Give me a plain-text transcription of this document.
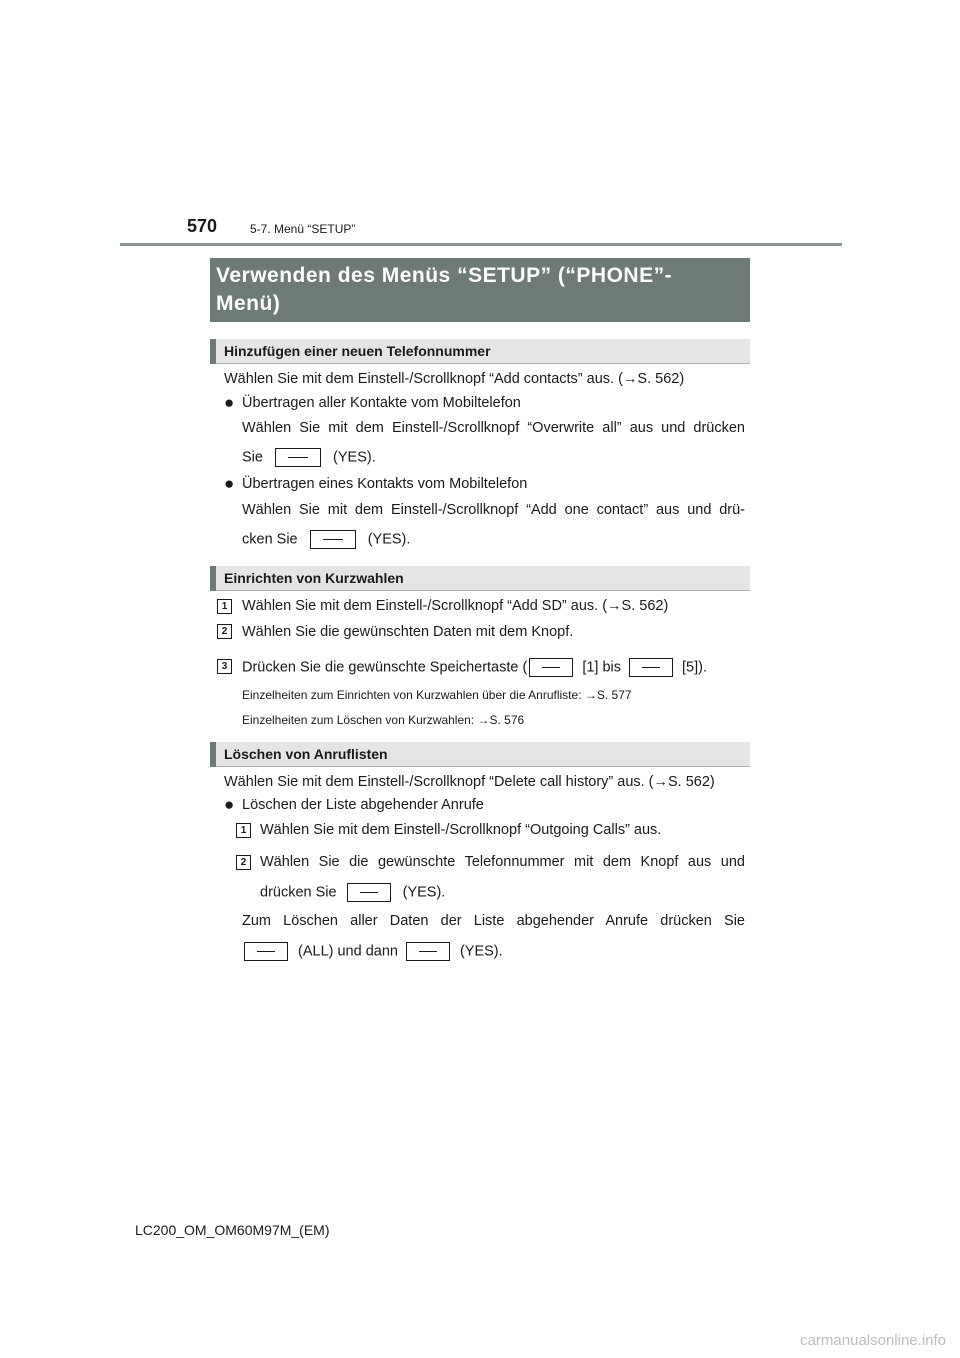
570	5-7. Menü “SETUP”
Verwenden des Menüs “SETUP” (“PHONE”-Menü)
Hinzufügen einer neuen Telefonnummer
Wählen Sie mit dem Einstell-/Scrollknopf “Add contacts” aus. (→S. 562)
● Übertragen aller Kontakte vom Mobiltelefon
Wählen Sie mit dem Einstell-/Scrollknopf “Overwrite all” aus und drücken
Sie	(YES).
● Übertragen eines Kontakts vom Mobiltelefon
Wählen Sie mit dem Einstell-/Scrollknopf “Add one contact” aus und drü-
cken Sie	(YES).
Einrichten von Kurzwahlen
1	Wählen Sie mit dem Einstell-/Scrollknopf “Add SD” aus. (→S. 562)
2	Wählen Sie die gewünschten Daten mit dem Knopf.
3	Drücken Sie die gewünschte Speichertaste (	[1] bis	[5]).
Einzelheiten zum Einrichten von Kurzwahlen über die Anrufliste: →S. 577
Einzelheiten zum Löschen von Kurzwahlen: →S. 576
Löschen von Anruflisten
Wählen Sie mit dem Einstell-/Scrollknopf “Delete call history” aus. (→S. 562)
● Löschen der Liste abgehender Anrufe
1 Wählen Sie mit dem Einstell-/Scrollknopf “Outgoing Calls” aus.
2 Wählen Sie die gewünschte Telefonnummer mit dem Knopf aus und
drücken Sie	(YES).
Zum Löschen aller Daten der Liste abgehender Anrufe drücken Sie
(ALL) und dann	(YES).
LC200_OM_OM60M97M_(EM)
carmanualsonline.info
